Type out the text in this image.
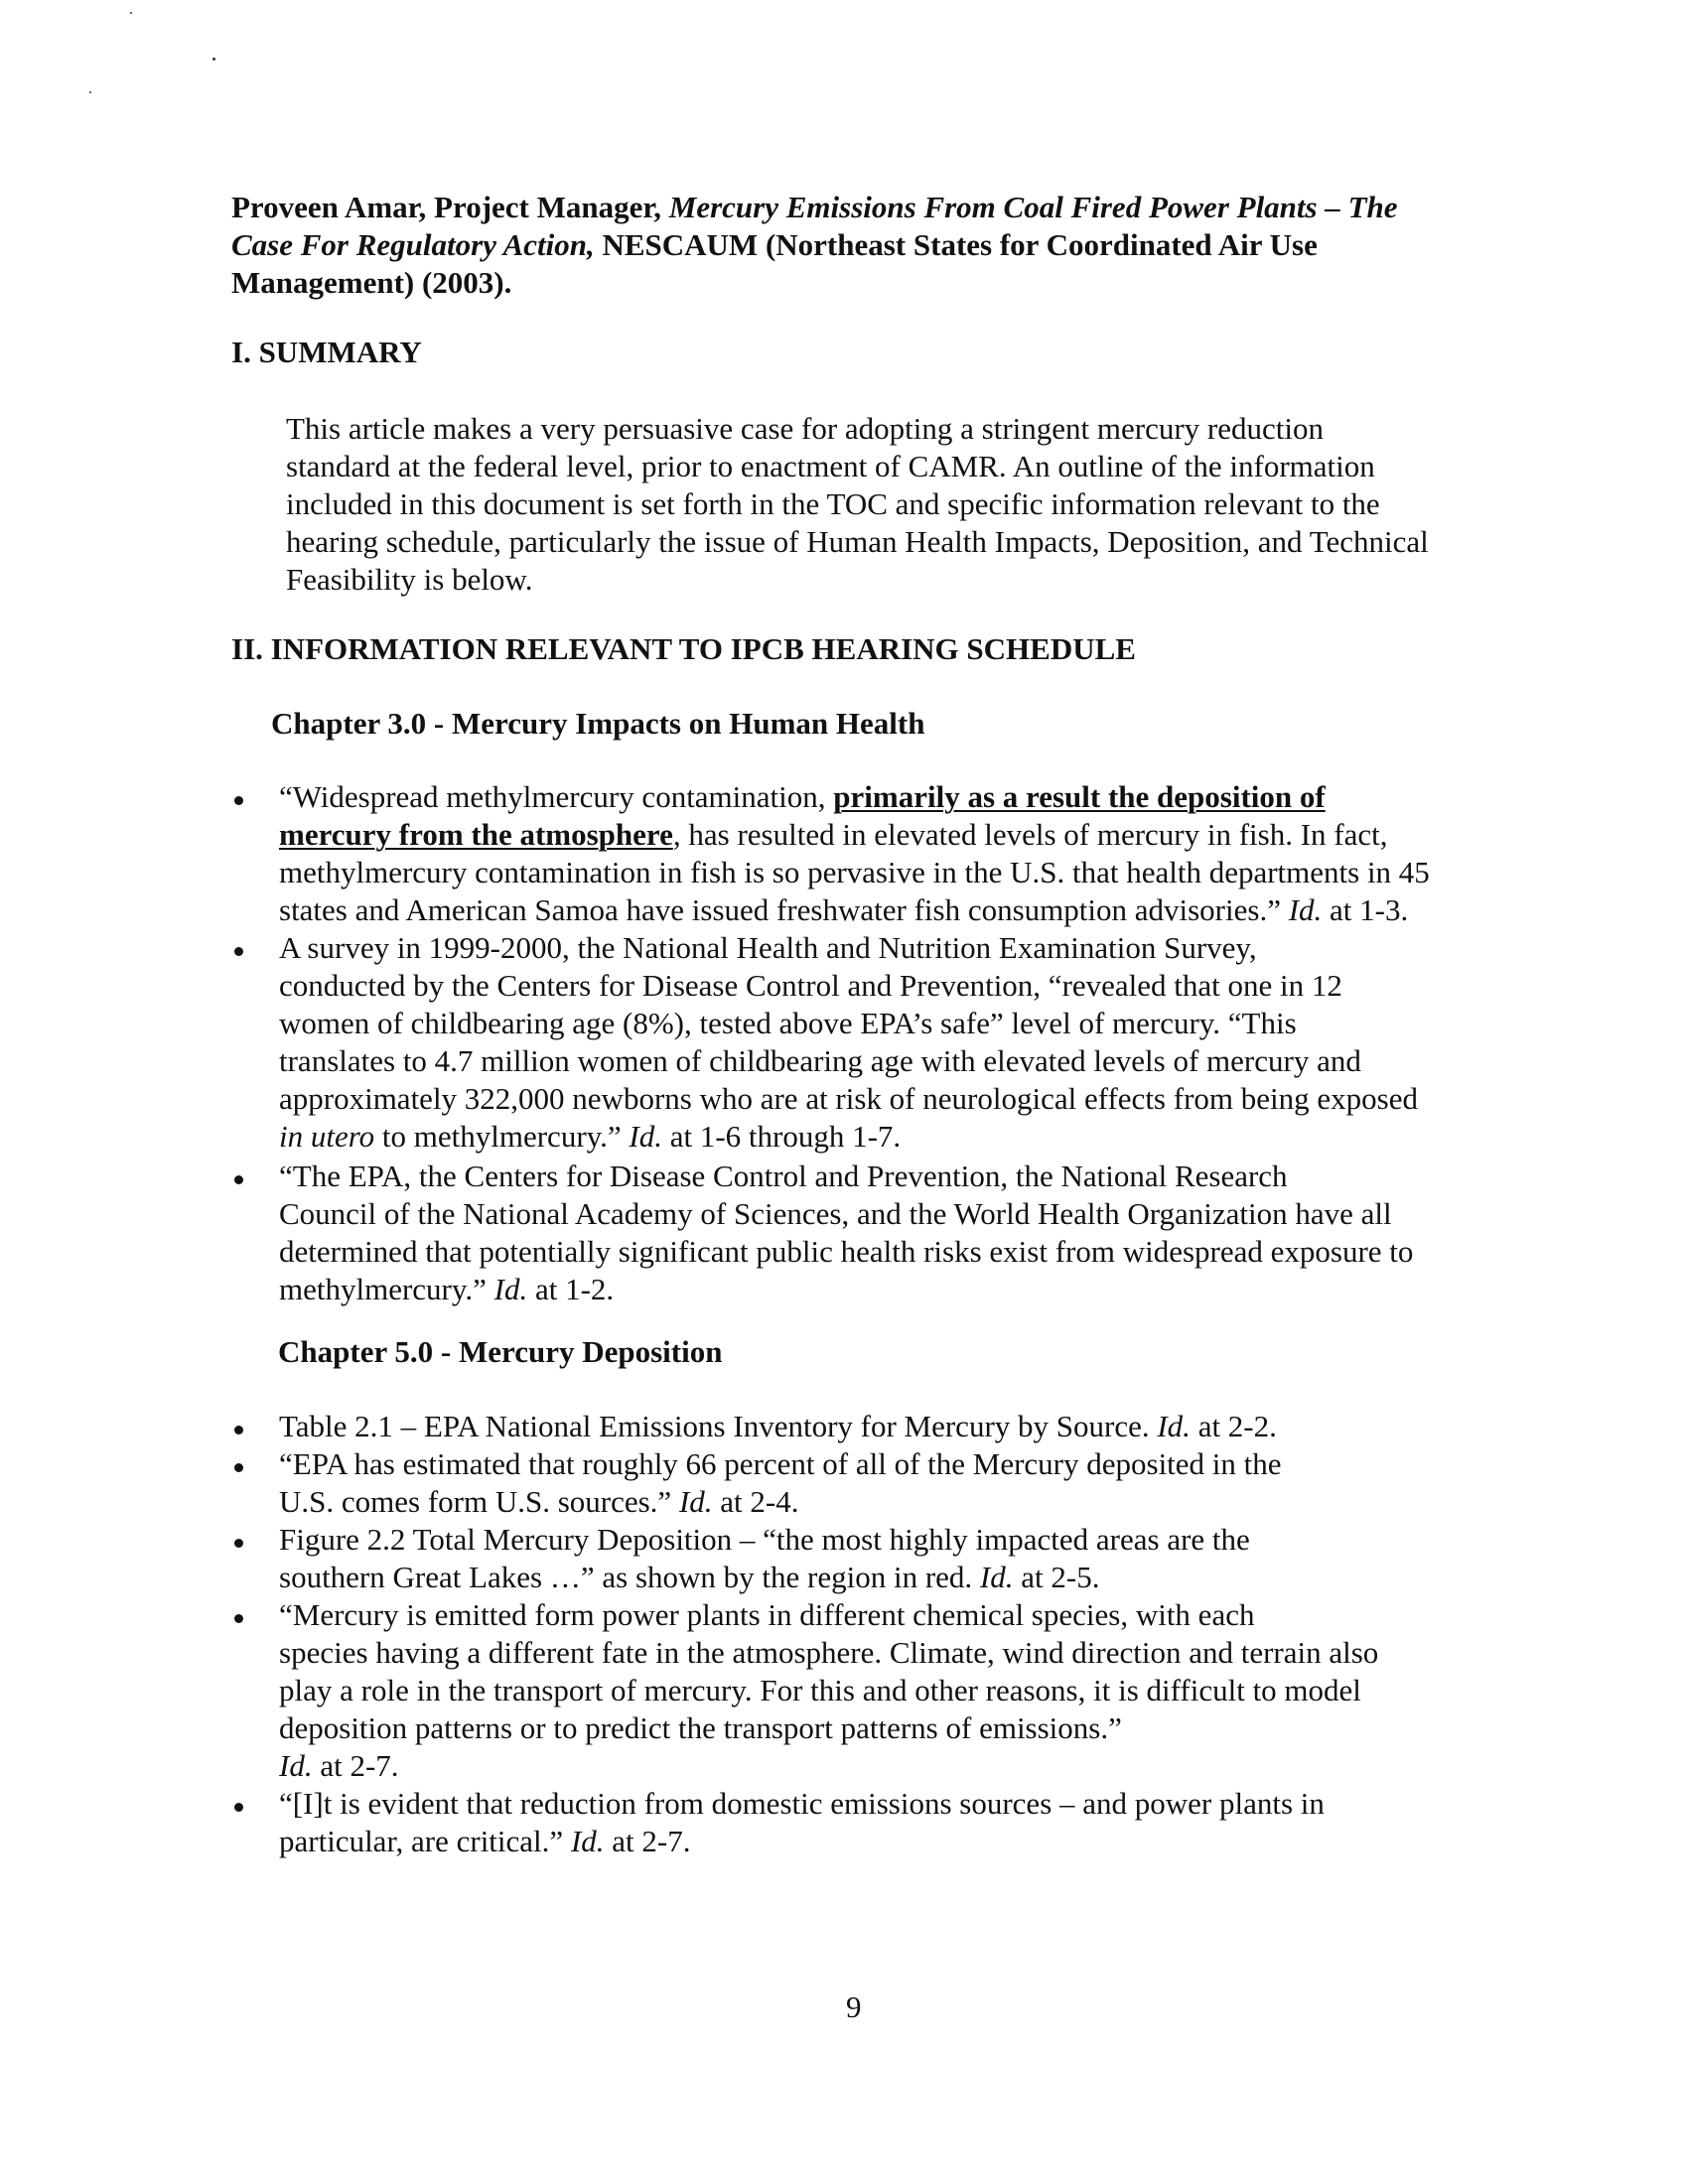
Proveen Amar, Project Manager, Mercury Emissions From Coal Fired Power Plants – The
Case For Regulatory Action, NESCAUM (Northeast States for Coordinated Air Use
Management) (2003).
I. SUMMARY
This article makes a very persuasive case for adopting a stringent mercury reduction
standard at the federal level, prior to enactment of CAMR. An outline of the information
included in this document is set forth in the TOC and specific information relevant to the
hearing schedule, particularly the issue of Human Health Impacts, Deposition, and Technical
Feasibility is below.
II. INFORMATION RELEVANT TO IPCB HEARING SCHEDULE
Chapter 3.0 - Mercury Impacts on Human Health
“Widespread methylmercury contamination, primarily as a result the deposition of
mercury from the atmosphere, has resulted in elevated levels of mercury in fish. In fact,
methylmercury contamination in fish is so pervasive in the U.S. that health departments in 45
states and American Samoa have issued freshwater fish consumption advisories.” Id. at 1-3.
A survey in 1999-2000, the National Health and Nutrition Examination Survey,
conducted by the Centers for Disease Control and Prevention, “revealed that one in 12
women of childbearing age (8%), tested above EPA’s safe” level of mercury. “This
translates to 4.7 million women of childbearing age with elevated levels of mercury and
approximately 322,000 newborns who are at risk of neurological effects from being exposed
in utero to methylmercury.” Id. at 1-6 through 1-7.
“The EPA, the Centers for Disease Control and Prevention, the National Research
Council of the National Academy of Sciences, and the World Health Organization have all
determined that potentially significant public health risks exist from widespread exposure to
methylmercury.” Id. at 1-2.
Chapter 5.0 - Mercury Deposition
Table 2.1 – EPA National Emissions Inventory for Mercury by Source. Id. at 2-2.
“EPA has estimated that roughly 66 percent of all of the Mercury deposited in the
U.S. comes form U.S. sources.” Id. at 2-4.
Figure 2.2 Total Mercury Deposition – “the most highly impacted areas are the
southern Great Lakes …” as shown by the region in red. Id. at 2-5.
“Mercury is emitted form power plants in different chemical species, with each
species having a different fate in the atmosphere. Climate, wind direction and terrain also
play a role in the transport of mercury. For this and other reasons, it is difficult to model
deposition patterns or to predict the transport patterns of emissions.”
Id. at 2-7.
“[I]t is evident that reduction from domestic emissions sources – and power plants in
particular, are critical.” Id. at 2-7.
9
